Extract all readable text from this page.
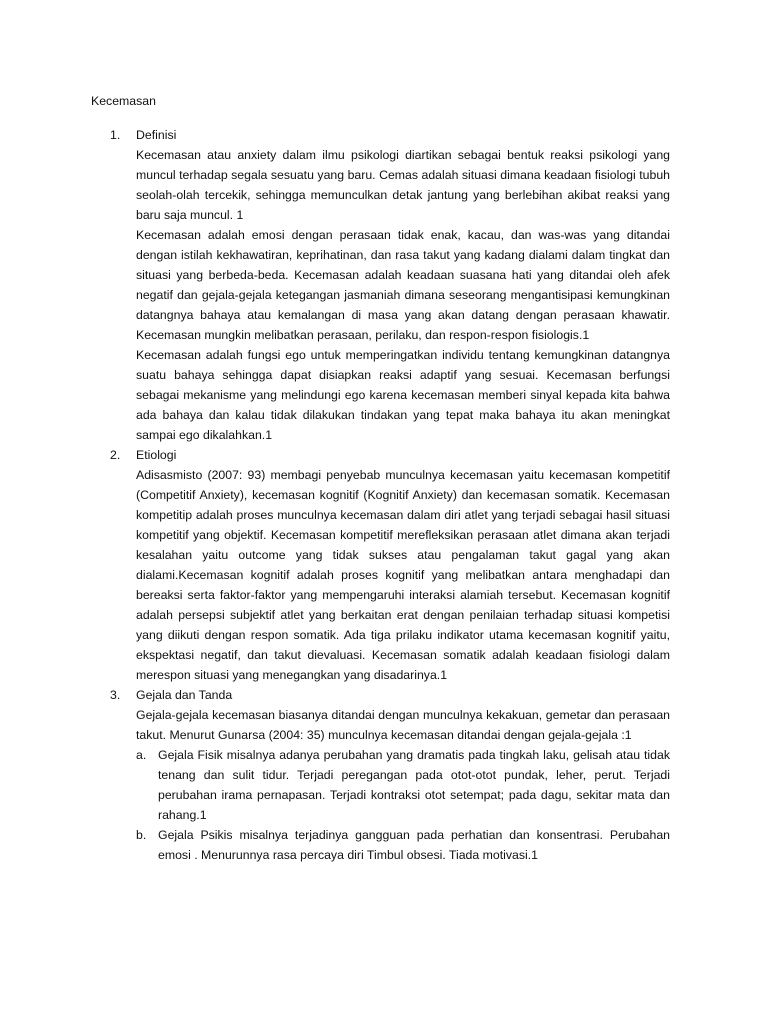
Kecemasan
1.	Definisi
Kecemasan atau anxiety dalam ilmu psikologi diartikan sebagai bentuk reaksi psikologi yang muncul terhadap segala sesuatu yang baru. Cemas adalah situasi dimana keadaan fisiologi tubuh seolah-olah tercekik, sehingga memunculkan detak jantung yang berlebihan akibat reaksi yang baru saja muncul. 1
Kecemasan adalah emosi dengan perasaan tidak enak, kacau, dan was-was yang ditandai dengan istilah kekhawatiran, keprihatinan, dan rasa takut yang kadang dialami dalam tingkat dan situasi yang berbeda-beda. Kecemasan adalah keadaan suasana hati yang ditandai oleh afek negatif dan gejala-gejala ketegangan jasmaniah dimana seseorang mengantisipasi kemungkinan datangnya bahaya atau kemalangan di masa yang akan datang dengan perasaan khawatir. Kecemasan mungkin melibatkan perasaan, perilaku, dan respon-respon fisiologis.1
Kecemasan adalah fungsi ego untuk memperingatkan individu tentang kemungkinan datangnya suatu bahaya sehingga dapat disiapkan reaksi adaptif yang sesuai. Kecemasan berfungsi sebagai mekanisme yang melindungi ego karena kecemasan memberi sinyal kepada kita bahwa ada bahaya dan kalau tidak dilakukan tindakan yang tepat maka bahaya itu akan meningkat sampai ego dikalahkan.1
2.	Etiologi
Adisasmisto (2007: 93) membagi penyebab munculnya kecemasan yaitu kecemasan kompetitif (Competitif Anxiety), kecemasan kognitif (Kognitif Anxiety) dan kecemasan somatik. Kecemasan kompetitip adalah proses munculnya kecemasan dalam diri atlet yang terjadi sebagai hasil situasi kompetitif yang objektif. Kecemasan kompetitif merefleksikan perasaan atlet dimana akan terjadi kesalahan yaitu outcome yang tidak sukses atau pengalaman takut gagal yang akan dialami.Kecemasan kognitif adalah proses kognitif yang melibatkan antara menghadapi dan bereaksi serta faktor-faktor yang mempengaruhi interaksi alamiah tersebut. Kecemasan kognitif adalah persepsi subjektif atlet yang berkaitan erat dengan penilaian terhadap situasi kompetisi yang diikuti dengan respon somatik. Ada tiga prilaku indikator utama kecemasan kognitif yaitu, ekspektasi negatif, dan takut dievaluasi. Kecemasan somatik adalah keadaan fisiologi dalam merespon situasi yang menegangkan yang disadarinya.1
3.	Gejala dan Tanda
Gejala-gejala kecemasan biasanya ditandai dengan munculnya kekakuan, gemetar dan perasaan takut. Menurut Gunarsa (2004: 35) munculnya kecemasan ditandai dengan gejala-gejala :1
a. Gejala Fisik misalnya adanya perubahan yang dramatis pada tingkah laku, gelisah atau tidak tenang dan sulit tidur. Terjadi peregangan pada otot-otot pundak, leher, perut. Terjadi perubahan irama pernapasan. Terjadi kontraksi otot setempat; pada dagu, sekitar mata dan rahang.1
b. Gejala Psikis misalnya terjadinya gangguan pada perhatian dan konsentrasi. Perubahan emosi . Menurunnya rasa percaya diri Timbul obsesi. Tiada motivasi.1
